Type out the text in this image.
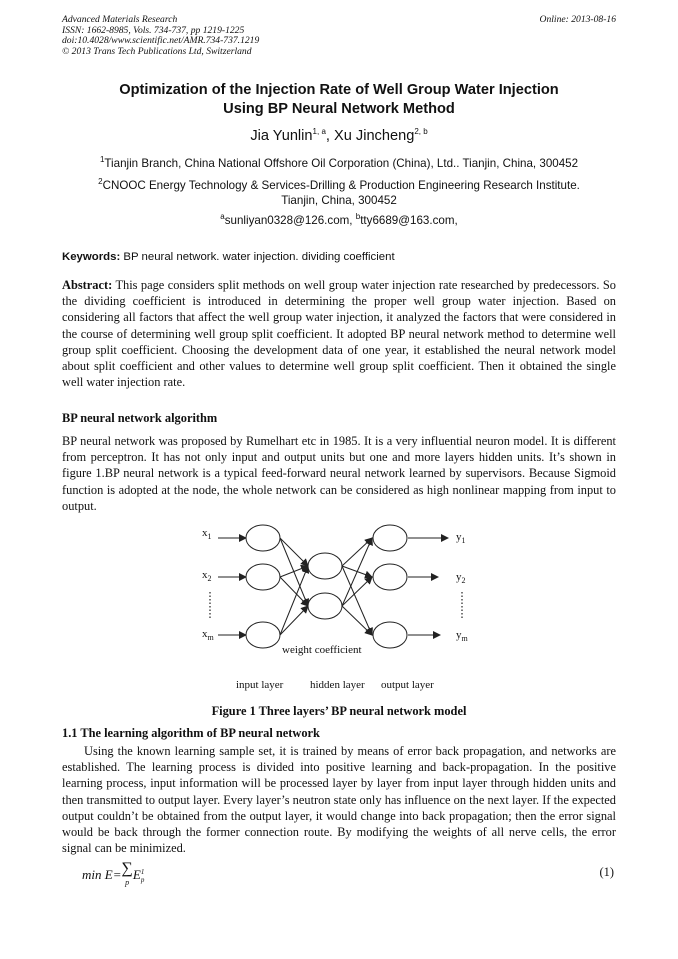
Advanced Materials Research
ISSN: 1662-8985, Vols. 734-737, pp 1219-1225
doi:10.4028/www.scientific.net/AMR.734-737.1219
© 2013 Trans Tech Publications Ltd, Switzerland
Online: 2013-08-16
Optimization of the Injection Rate of Well Group Water Injection
Using BP Neural Network Method
Jia Yunlin$^{1, a}$, Xu Jincheng$^{2, b}$
$^1$Tianjin Branch, China National Offshore Oil Corporation (China), Ltd.. Tianjin, China, 300452
$^2$CNOOC Energy Technology & Services-Drilling & Production Engineering Research Institute.
Tianjin, China, 300452
$^a$sunliyan0328@126.com, $^b$tty6689@163.com,
Keywords: BP neural network. water injection. dividing coefficient
Abstract: This page considers split methods on well group water injection rate researched by predecessors. So the dividing coefficient is introduced in determining the proper well group water injection. Based on considering all factors that affect the well group water injection, it analyzed the factors that were considered in the course of determining well group split coefficient. It adopted BP neural network method to determine well group split coefficient. Choosing the development data of one year, it established the neural network model about split coefficient and other values to determine well group split coefficient. Then it obtained the single well water injection rate.
BP neural network algorithm
BP neural network was proposed by Rumelhart etc in 1985. It is a very influential neuron model. It is different from perceptron. It has not only input and output units but one and more layers hidden units. It’s shown in figure 1.BP neural network is a typical feed-forward neural network learned by supervisors. Because Sigmoid function is adopted at the node, the whole network can be considered as high nonlinear mapping from input to output.
$x_1$
$x_2$
$x_m$
$y_1$
$y_2$
$y_m$
weight coefficient
input layer hidden layer output layer
Figure 1 Three layers’ BP neural network model
1.1 The learning algorithm of BP neural network
Using the known learning sample set, it is trained by means of error back propagation, and networks are established. The learning process is divided into positive learning and back-propagation. In the positive learning process, input information will be processed layer by layer from input layer through hidden units and then transmitted to output layer. Every layer’s neutron state only has influence on the next layer. If the expected output couldn’t be obtained from the output layer, it would change into back propagation; then the error signal would be back through the former connection route. By modifying the weights of all nerve cells, the error signal can be minimized.
min E=∑
pE1
p
(1)
